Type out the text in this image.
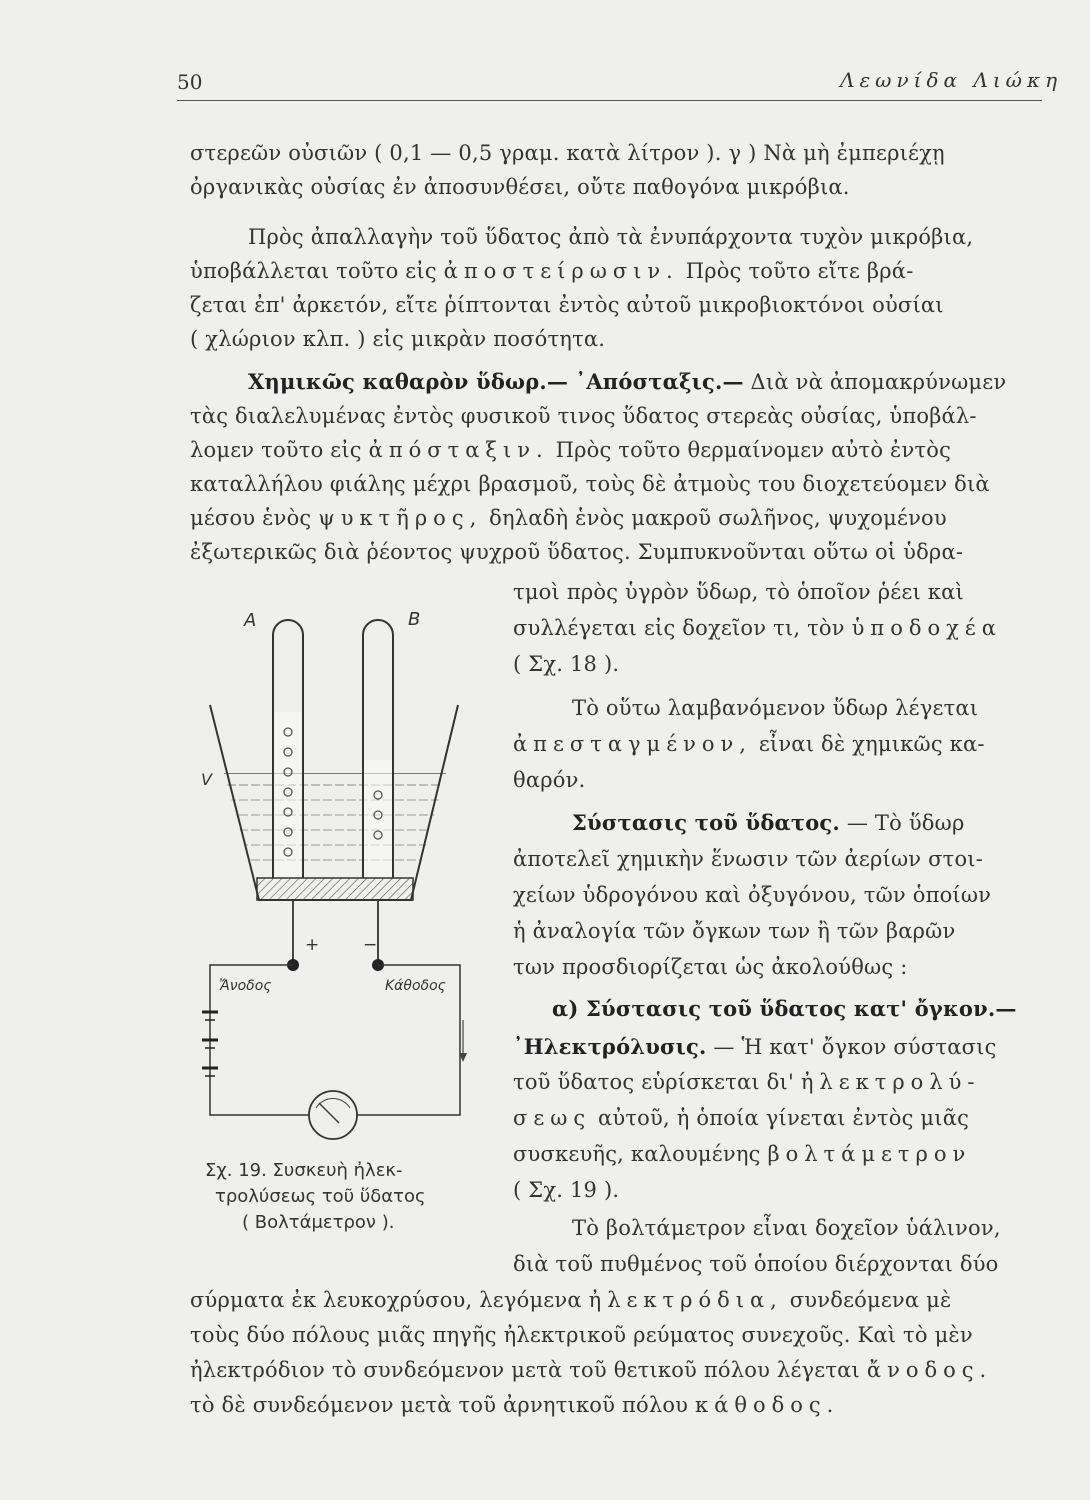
50	Λεωνίδα Λιώκη
στερεῶν οὐσιῶν ( 0,1 — 0,5 γραμ. κατὰ λίτρον ). γ ) Νὰ μὴ ἐμπεριέχῃ
ὀργανικὰς οὐσίας ἐν ἀποσυνθέσει, οὔτε παθογόνα μικρόβια.
Πρὸς ἀπαλλαγὴν τοῦ ὕδατος ἀπὸ τὰ ἐνυπάρχοντα τυχὸν μικρόβια,
ὑποβάλλεται τοῦτο εἰς ἀποστείρωσιν. Πρὸς τοῦτο εἴτε βρά-
ζεται ἐπ' ἀρκετόν, εἴτε ῥίπτονται ἐντὸς αὐτοῦ μικροβιοκτόνοι οὐσίαι
( χλώριον κλπ. ) εἰς μικρὰν ποσότητα.
Χημικῶς καθαρὸν ὕδωρ.— ᾿Απόσταξις.— Διὰ νὰ ἀπομακρύνωμεν
τὰς διαλελυμένας ἐντὸς φυσικοῦ τινος ὕδατος στερεὰς οὐσίας, ὑποβάλ-
λομεν τοῦτο εἰς ἀπόσταξιν. Πρὸς τοῦτο θερμαίνομεν αὐτὸ ἐντὸς
καταλλήλου φιάλης μέχρι βρασμοῦ, τοὺς δὲ ἀτμοὺς του διοχετεύομεν διὰ
μέσου ἑνὸς ψυκτῆρος, δηλαδὴ ἑνὸς μακροῦ σωλῆνος, ψυχομένου
ἐξωτερικῶς διὰ ῥέοντος ψυχροῦ ὕδατος. Συμπυκνοῦνται οὕτω οἱ ὑδρα-
τμοὶ πρὸς ὑγρὸν ὕδωρ, τὸ ὁποῖον ῥέει καὶ
συλλέγεται εἰς δοχεῖον τι, τὸν ὑποδοχέα
( Σχ. 18 ).
Τὸ οὕτω λαμβανόμενον ὕδωρ λέγεται
ἀπεσταγμένον, εἶναι δὲ χημικῶς κα-
θαρόν.
Σύστασις τοῦ ὕδατος. — Τὸ ὕδωρ
ἀποτελεῖ χημικὴν ἕνωσιν τῶν ἀερίων στοι-
χείων ὑδρογόνου καὶ ὀξυγόνου, τῶν ὁποίων
ἡ ἀναλογία τῶν ὄγκων των ἢ τῶν βαρῶν
των προσδιορίζεται ὡς ἀκολούθως :
α) Σύστασις τοῦ ὕδατος κατ' ὄγκον.—
᾿Ηλεκτρόλυσις. — Ἡ κατ' ὄγκον σύστασις
τοῦ ὕδατος εὑρίσκεται δι' ἠλεκτρολύ-
σεως αὐτοῦ, ἡ ὁποία γίνεται ἐντὸς μιᾶς
συσκευῆς, καλουμένης βολτάμετρον
( Σχ. 19 ).
Τὸ βολτάμετρον εἶναι δοχεῖον ὑάλινον,
διὰ τοῦ πυθμένος τοῦ ὁποίου διέρχονται δύο
σύρματα ἐκ λευκοχρύσου, λεγόμενα ἠλεκτρόδια, συνδεόμενα μὲ
τοὺς δύο πόλους μιᾶς πηγῆς ἠλεκτρικοῦ ρεύματος συνεχοῦς. Καὶ τὸ μὲν
ἠλεκτρόδιον τὸ συνδεόμενον μετὰ τοῦ θετικοῦ πόλου λέγεται ἄνοδος.
τὸ δὲ συνδεόμενον μετὰ τοῦ ἀρνητικοῦ πόλου κάθοδος.
A	B
V
+	−
Ἄνοδος	Κάθοδος
Σχ. 19. Συσκευὴ ἠλεκ-
τρολύσεως τοῦ ὕδατος
( Βολτάμετρον ).
